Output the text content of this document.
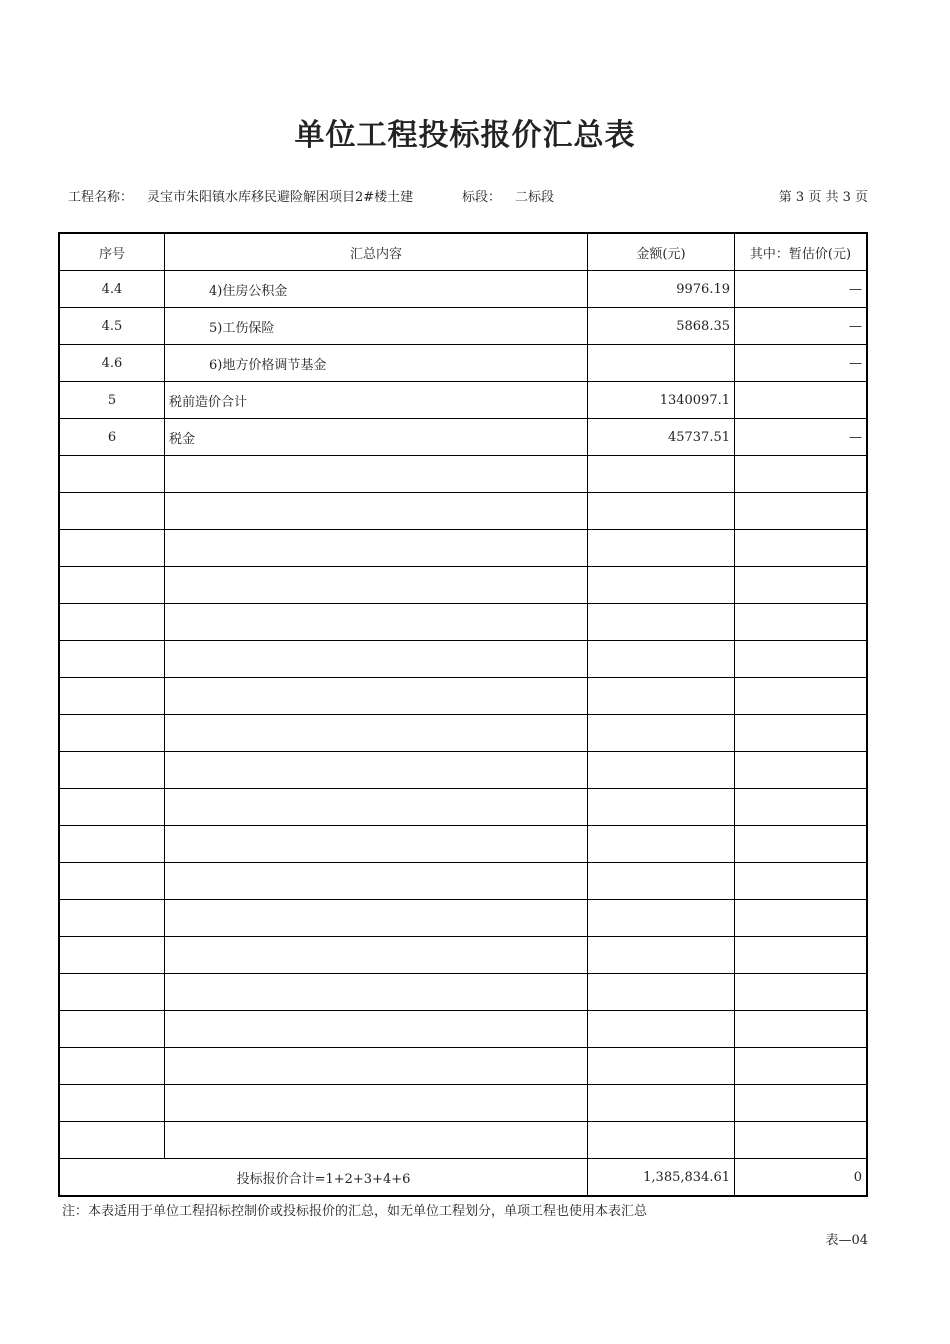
单位工程投标报价汇总表
工程名称： 灵宝市朱阳镇水库移民避险解困项目2#楼土建	标段： 二标段	第 3 页 共 3 页
序号	汇总内容	金额(元)	其中：暂估价(元)
4.4	4)住房公积金	9976.19	—
4.5	5)工伤保险	5868.35	—
4.6	6)地方价格调节基金		—
5	税前造价合计	1340097.1	
6	税金	45737.51	—

投标报价合计=1+2+3+4+6		1,385,834.61	0
注：本表适用于单位工程招标控制价或投标报价的汇总，如无单位工程划分，单项工程也使用本表汇总
表—04
